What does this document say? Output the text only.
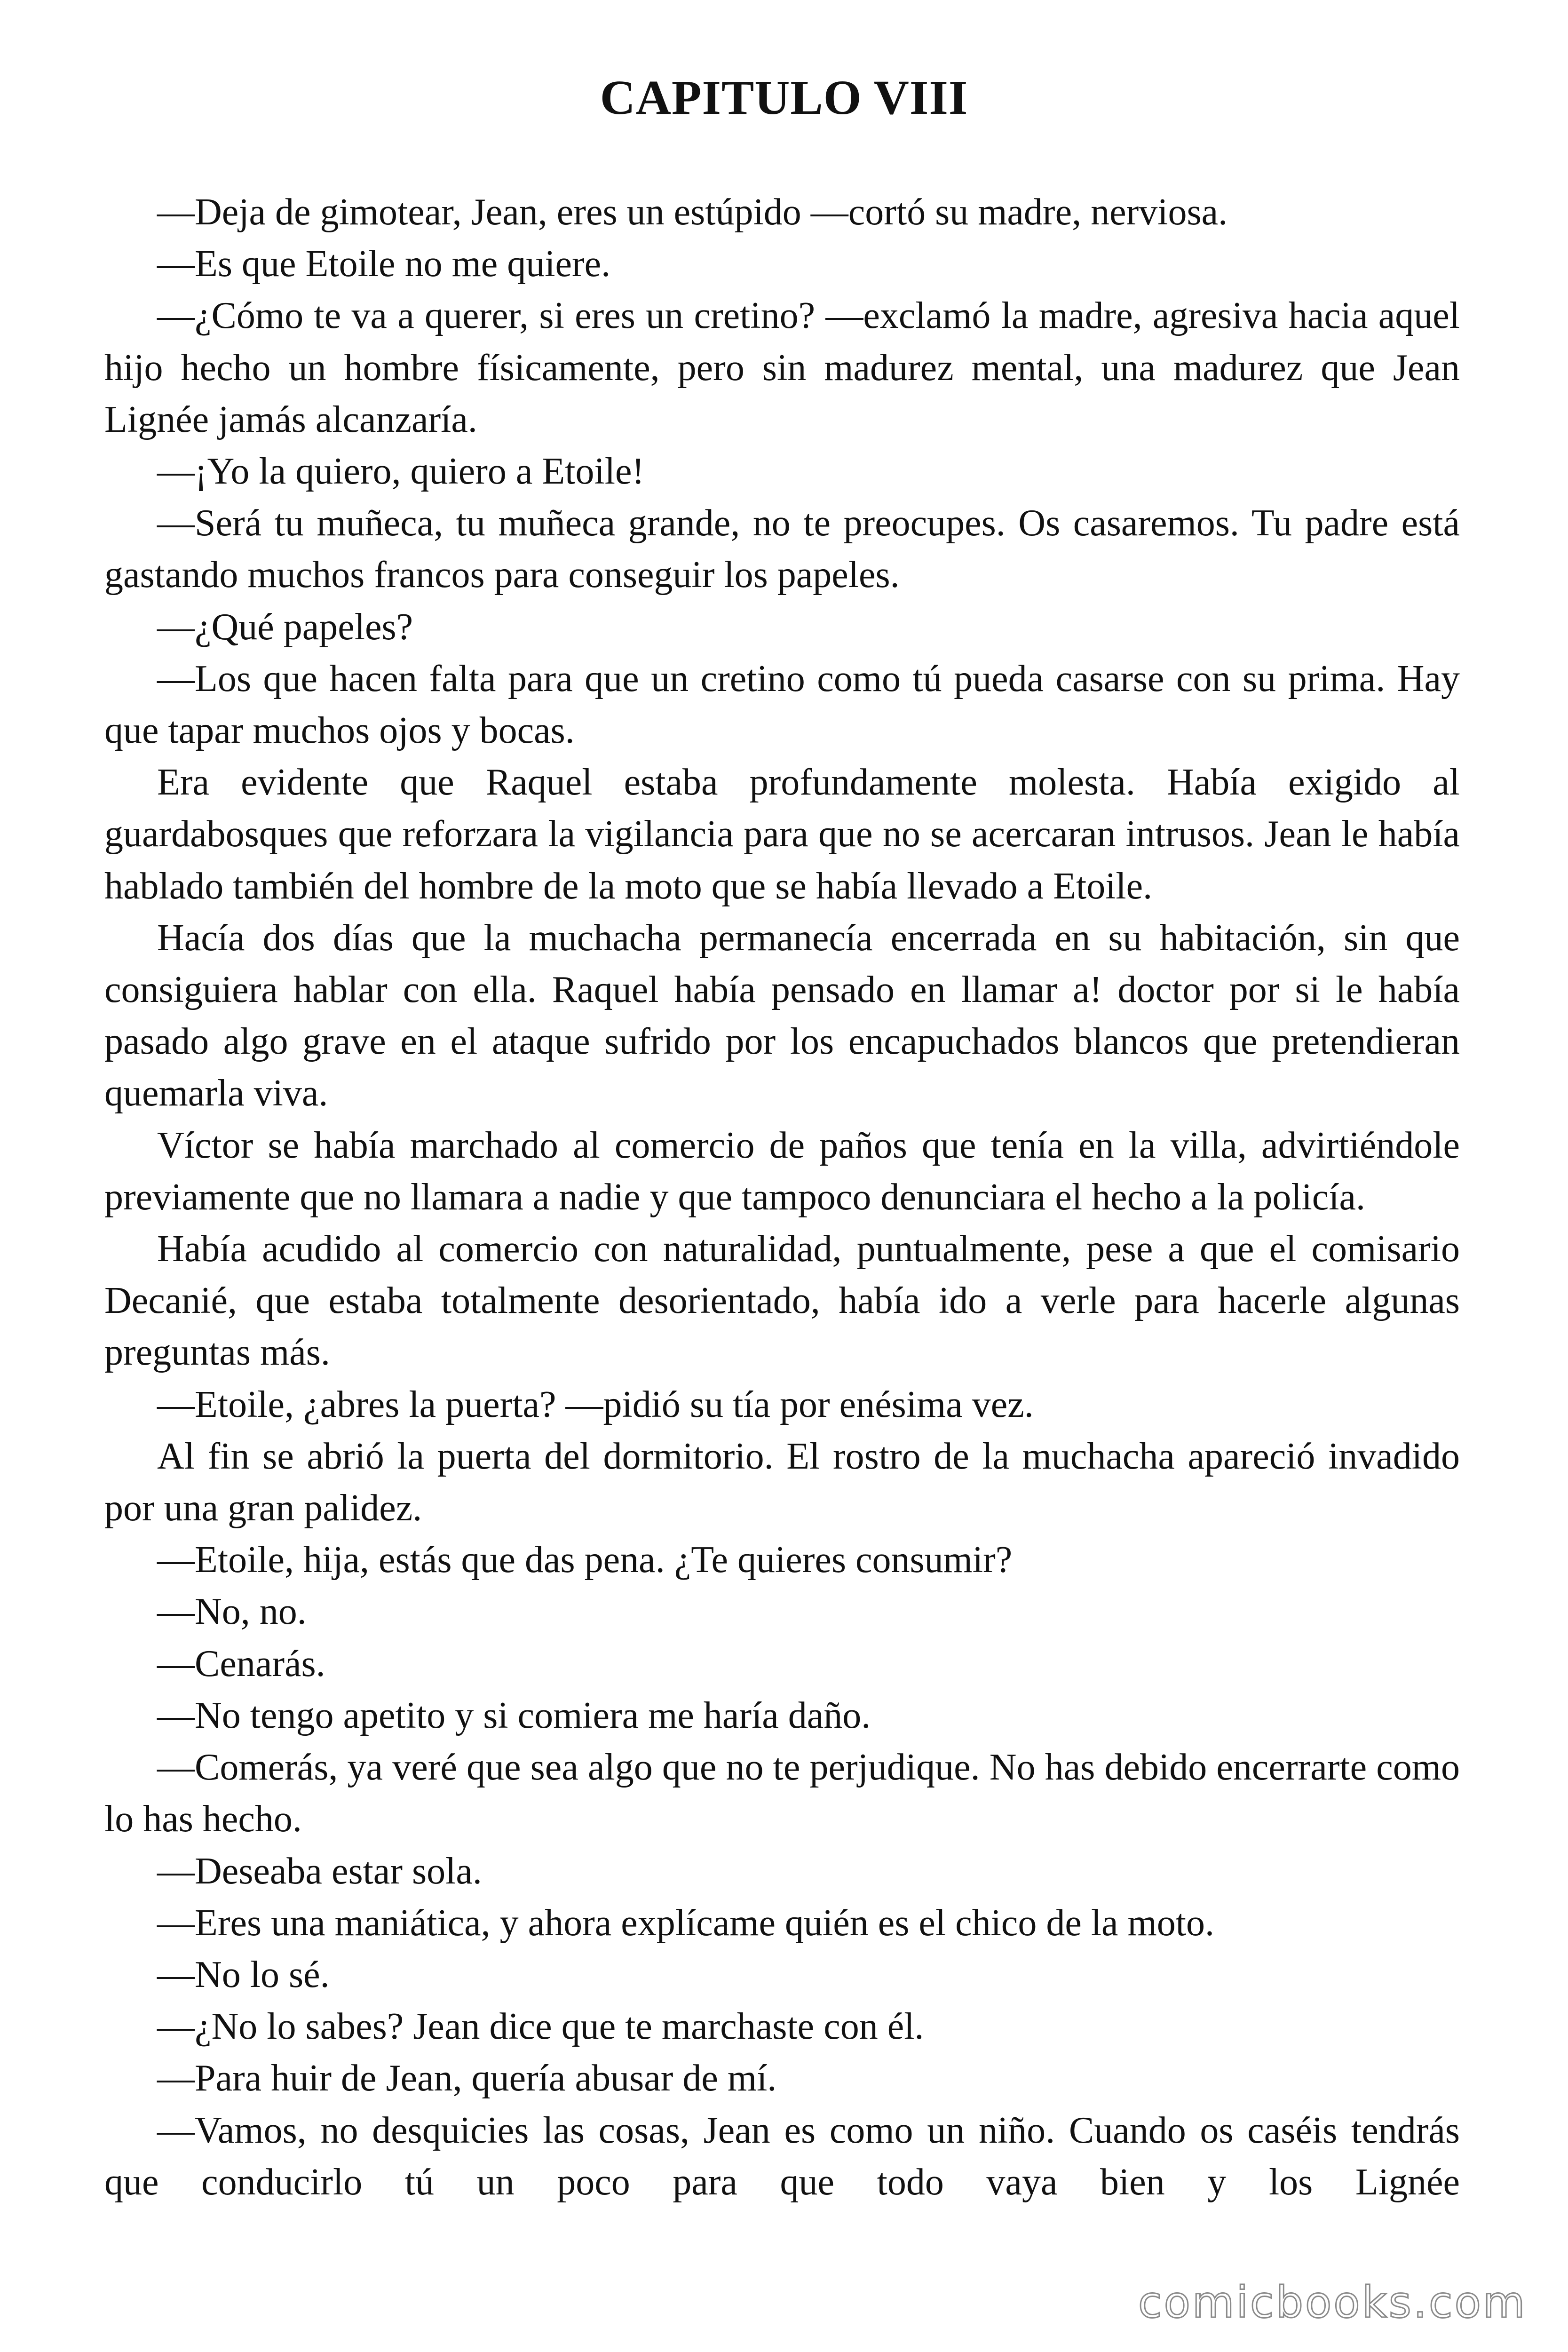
CAPITULO VIII

—Deja de gimotear, Jean, eres un estúpido —cortó su madre, nerviosa.

—Es que Etoile no me quiere.

—¿Cómo te va a querer, si eres un cretino? —exclamó la madre, agresiva hacia aquel hijo hecho un hombre físicamente, pero sin madurez mental, una madurez que Jean Lignée jamás alcanzaría.

—¡Yo la quiero, quiero a Etoile!

—Será tu muñeca, tu muñeca grande, no te preocupes. Os casaremos. Tu padre está gastando muchos francos para conseguir los papeles.

—¿Qué papeles?

—Los que hacen falta para que un cretino como tú pueda casarse con su prima. Hay que tapar muchos ojos y bocas.

Era evidente que Raquel estaba profundamente molesta. Había exigido al guardabosques que reforzara la vigilancia para que no se acercaran intrusos. Jean le había hablado también del hombre de la moto que se había llevado a Etoile.

Hacía dos días que la muchacha permanecía encerrada en su habitación, sin que consiguiera hablar con ella. Raquel había pensado en llamar a! doctor por si le había pasado algo grave en el ataque sufrido por los encapuchados blancos que pretendieran quemarla viva.

Víctor se había marchado al comercio de paños que tenía en la villa, advirtiéndole previamente que no llamara a nadie y que tampoco denunciara el hecho a la policía.

Había acudido al comercio con naturalidad, puntualmente, pese a que el comisario Decanié, que estaba totalmente desorientado, había ido a verle para hacerle algunas preguntas más.

—Etoile, ¿abres la puerta? —pidió su tía por enésima vez.

Al fin se abrió la puerta del dormitorio. El rostro de la muchacha apareció invadido por una gran palidez.

—Etoile, hija, estás que das pena. ¿Te quieres consumir?

—No, no.

—Cenarás.

—No tengo apetito y si comiera me haría daño.

—Comerás, ya veré que sea algo que no te perjudique. No has debido encerrarte como lo has hecho.

—Deseaba estar sola.

—Eres una maniática, y ahora explícame quién es el chico de la moto.

—No lo sé.

—¿No lo sabes? Jean dice que te marchaste con él.

—Para huir de Jean, quería abusar de mí.

—Vamos, no desquicies las cosas, Jean es como un niño. Cuando os caséis tendrás que conducirlo tú un poco para que todo vaya bien y los Lignée

comicbooks.com
